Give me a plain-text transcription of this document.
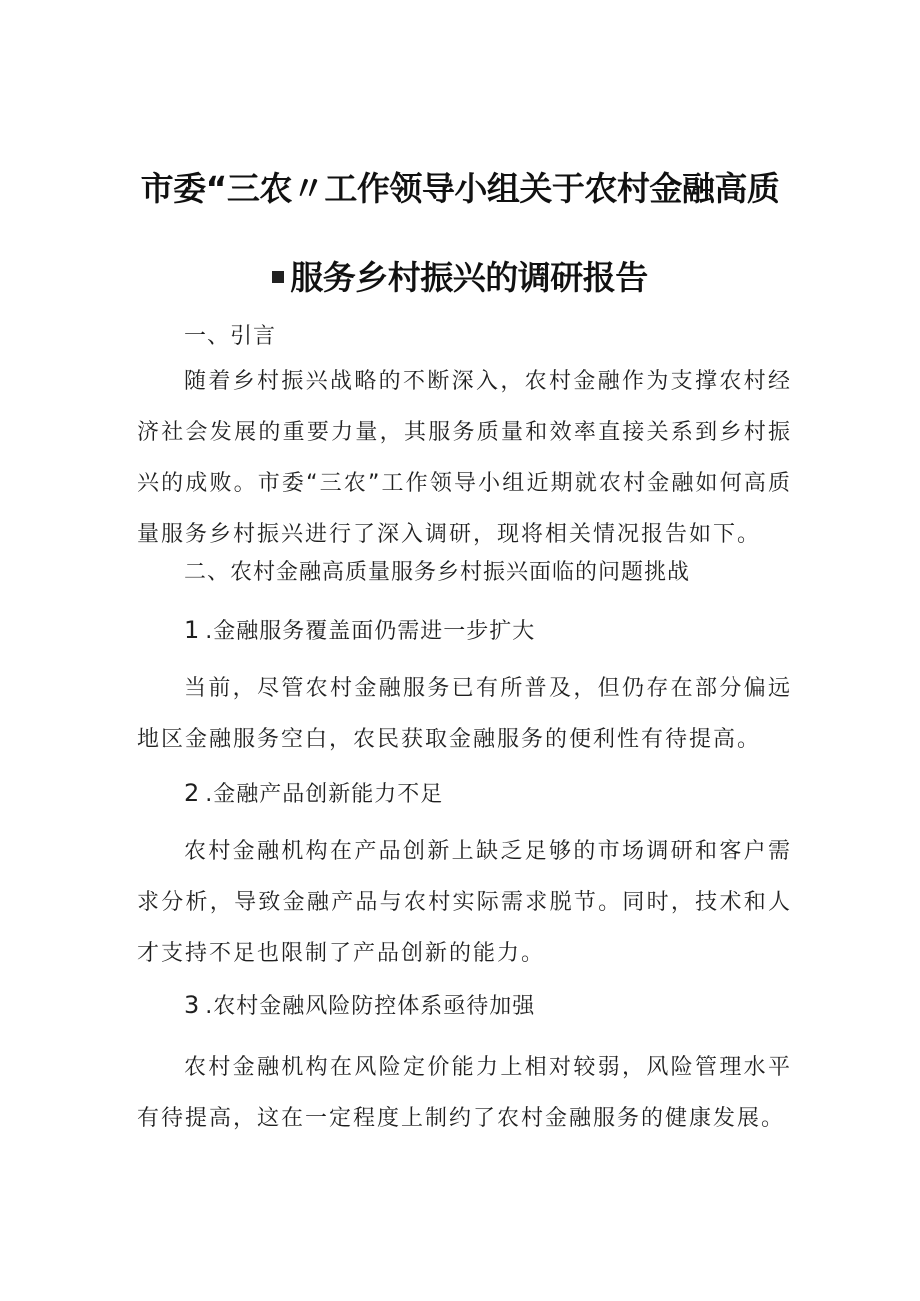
市委“三农〃工作领导小组关于农村金融高质
服务乡村振兴的调研报告
一、引言
随着乡村振兴战略的不断深入，农村金融作为支撑农村经济社会发展的重要力量，其服务质量和效率直接关系到乡村振兴的成败。市委“三农”工作领导小组近期就农村金融如何高质量服务乡村振兴进行了深入调研，现将相关情况报告如下。
二、农村金融高质量服务乡村振兴面临的问题挑战
1 .金融服务覆盖面仍需进一步扩大
当前，尽管农村金融服务已有所普及，但仍存在部分偏远地区金融服务空白，农民获取金融服务的便利性有待提高。
2 .金融产品创新能力不足
农村金融机构在产品创新上缺乏足够的市场调研和客户需求分析，导致金融产品与农村实际需求脱节。同时，技术和人才支持不足也限制了产品创新的能力。
3 .农村金融风险防控体系亟待加强
农村金融机构在风险定价能力上相对较弱，风险管理水平有待提高，这在一定程度上制约了农村金融服务的健康发展。
